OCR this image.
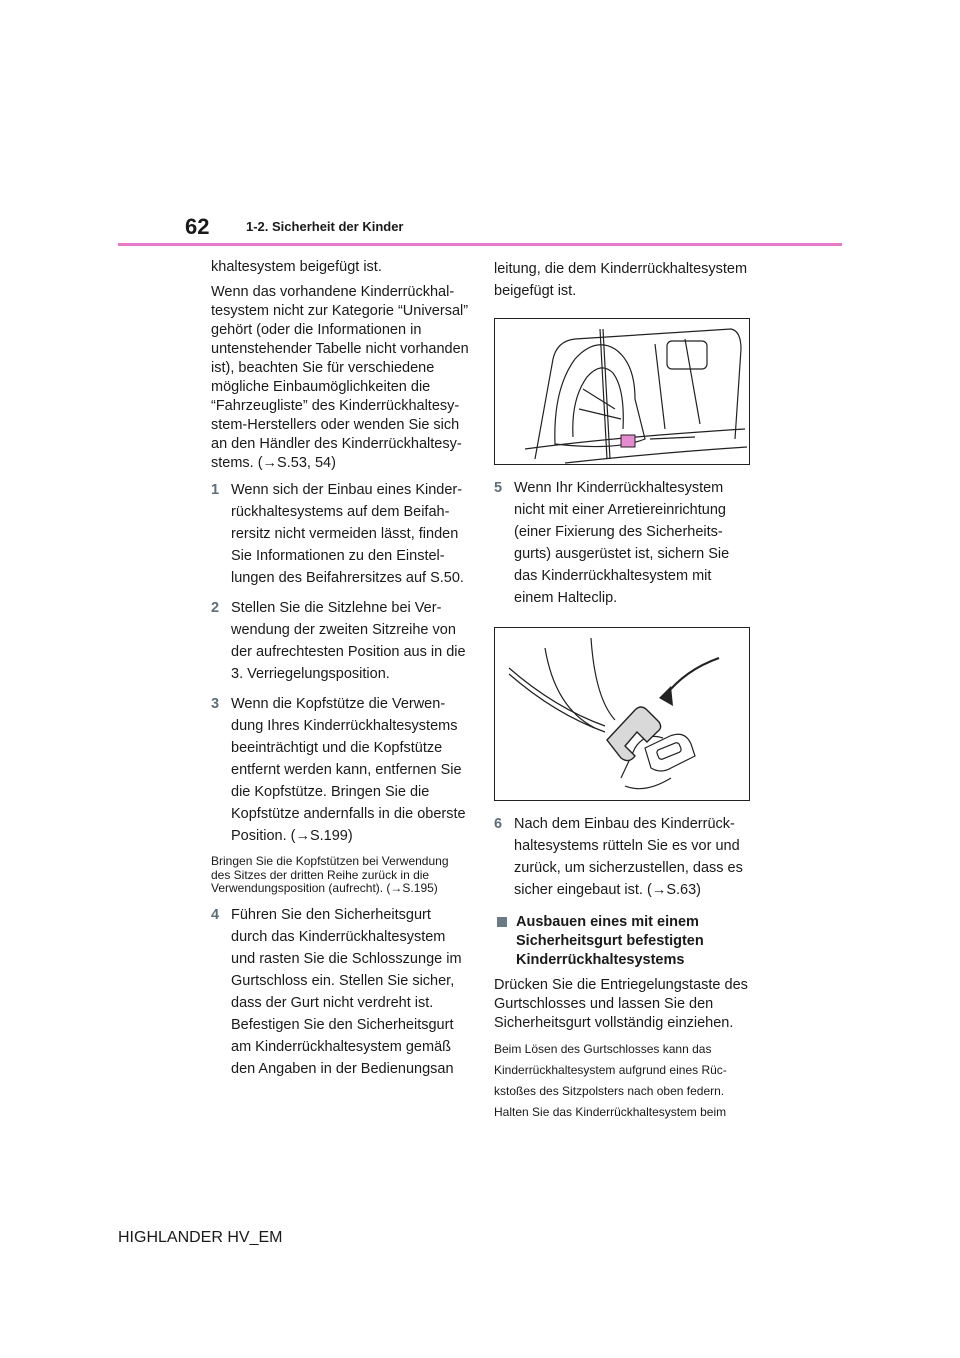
62	1-2. Sicherheit der Kinder

khaltesystem beigefügt ist.

Wenn das vorhandene Kinderrückhaltesystem nicht zur Kategorie “Universal” gehört (oder die Informationen in untenstehender Tabelle nicht vorhanden ist), beachten Sie für verschiedene mögliche Einbaumöglichkeiten die “Fahrzeugliste” des Kinderrückhaltesystem-Herstellers oder wenden Sie sich an den Händler des Kinderrückhaltesystems. (→S.53, 54)

1 Wenn sich der Einbau eines Kinderrückhaltesystems auf dem Beifahrersitz nicht vermeiden lässt, finden Sie Informationen zu den Einstellungen des Beifahrersitzes auf S.50.
2 Stellen Sie die Sitzlehne bei Verwendung der zweiten Sitzreihe von der aufrechtesten Position aus in die 3. Verriegelungsposition.
3 Wenn die Kopfstütze die Verwendung Ihres Kinderrückhaltesystems beeinträchtigt und die Kopfstütze entfernt werden kann, entfernen Sie die Kopfstütze. Bringen Sie die Kopfstütze andernfalls in die oberste Position. (→S.199)

Bringen Sie die Kopfstützen bei Verwendung des Sitzes der dritten Reihe zurück in die Verwendungsposition (aufrecht). (→S.195)

4 Führen Sie den Sicherheitsgurt durch das Kinderrückhaltesystem und rasten Sie die Schlosszunge im Gurtschloss ein. Stellen Sie sicher, dass der Gurt nicht verdreht ist. Befestigen Sie den Sicherheitsgurt am Kinderrückhaltesystem gemäß den Angaben in der Bedienungsan

leitung, die dem Kinderrückhaltesystem beigefügt ist.

5 Wenn Ihr Kinderrückhaltesystem nicht mit einer Arretiereinrichtung (einer Fixierung des Sicherheitsgurts) ausgerüstet ist, sichern Sie das Kinderrückhaltesystem mit einem Halteclip.
6 Nach dem Einbau des Kinderrückhaltesystems rütteln Sie es vor und zurück, um sicherzustellen, dass es sicher eingebaut ist. (→S.63)
Ausbauen eines mit einem Sicherheitsgurt befestigten Kinderrückhaltesystems

Drücken Sie die Entriegelungstaste des Gurtschlosses und lassen Sie den Sicherheitsgurt vollständig einziehen.

Beim Lösen des Gurtschlosses kann das Kinderrückhaltesystem aufgrund eines Rückstoßes des Sitzpolsters nach oben federn. Halten Sie das Kinderrückhaltesystem beim

HIGHLANDER HV_EM
